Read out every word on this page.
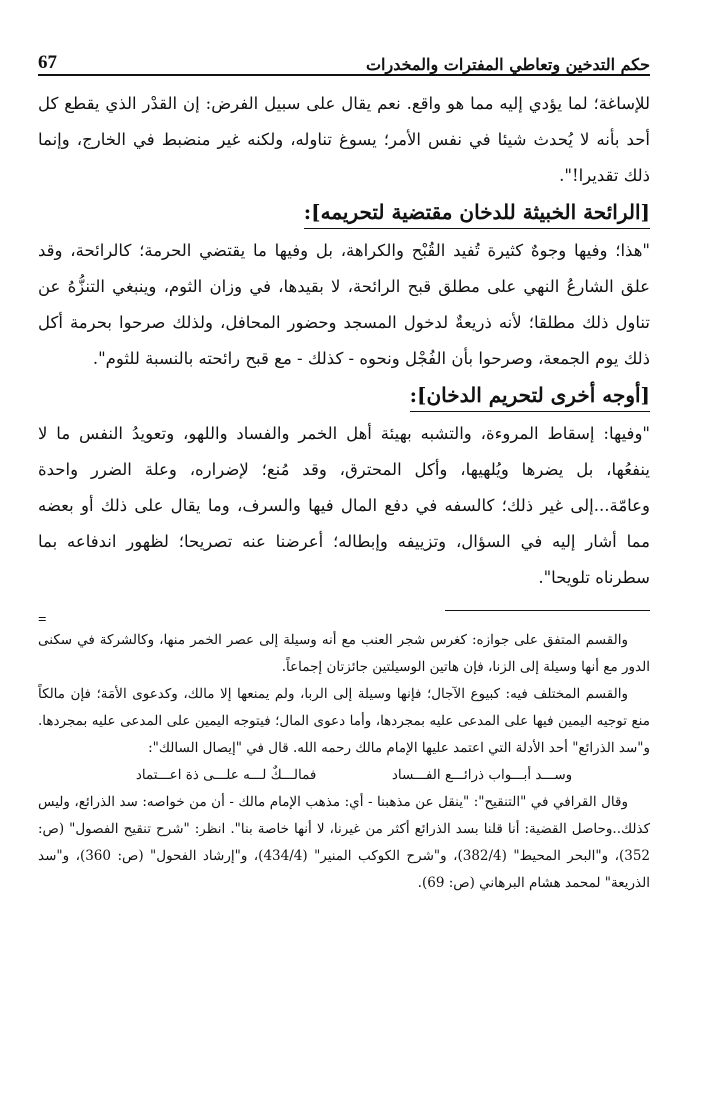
حكم التدخين وتعاطي المفترات والمخدرات
67

للإساغة؛ لما يؤدي إليه مما هو واقع. نعم يقال على سبيل الفرض: إن القدْر الذي يقطع كل أحد بأنه لا يُحدث شيئا في نفس الأمر؛ يسوغ تناوله، ولكنه غير منضبط في الخارج، وإنما ذلك تقديرا!".

[الرائحة الخبيثة للدخان مقتضية لتحريمه]:

"هذا؛ وفيها وجوهٌ كثيرة تُفيد القُبْح والكراهة، بل وفيها ما يقتضي الحرمة؛ كالرائحة، وقد علق الشارعُ النهي على مطلق قبح الرائحة، لا بقيدها، في وزان الثوم، وينبغي التنزُّهُ عن تناول ذلك مطلقا؛ لأنه ذريعةٌ لدخول المسجد وحضور المحافل، ولذلك صرحوا بحرمة أكل ذلك يوم الجمعة، وصرحوا بأن الفُجْل ونحوه - كذلك - مع قبح رائحته بالنسبة للثوم".

[أوجه أخرى لتحريم الدخان]:

"وفيها: إسقاط المروءة، والتشبه بهيئة أهل الخمر والفساد واللهو، وتعويدُ النفس ما لا ينفعُها، بل يضرها ويُلهيها، وأكل المحترق، وقد مُنع؛ لإضراره، وعلة الضرر واحدة وعامّة...إلى غير ذلك؛ كالسفه في دفع المال فيها والسرف، وما يقال على ذلك أو بعضه مما أشار إليه في السؤال، وتزييفه وإبطاله؛ أعرضنا عنه تصريحا؛ لظهور اندفاعه بما سطرناه تلويحا".

=

والقسم المتفق على جوازه: كغرس شجر العنب مع أنه وسيلة إلى عصر الخمر منها، وكالشركة في سكنى الدور مع أنها وسيلة إلى الزنا، فإن هاتين الوسيلتين جائزتان إجماعاً.

والقسم المختلف فيه: كبيوع الآجال؛ فإنها وسيلة إلى الربا، ولم يمنعها إلا مالك، وكدعوى الأمَة؛ فإن مالكاً منع توجيه اليمين فيها على المدعى عليه بمجردها، وأما دعوى المال؛ فيتوجه اليمين على المدعى عليه بمجردها. و"سد الذرائع" أحد الأدلة التي اعتمد عليها الإمام مالك رحمه الله. قال في "إيصال السالك":

وســـد أبـــواب ذرائـــع الفـــساد
فمالـــكٌ لـــه علـــى ذة اعـــتماد

وقال القرافي في "التنقيح": "ينقل عن مذهبنا - أي: مذهب الإمام مالك - أن من خواصه: سد الذرائع، وليس كذلك..وحاصل القضية: أنا قلنا بسد الذرائع أكثر من غيرنا، لا أنها خاصة بنا". انظر: "شرح تنقيح الفصول" (ص: 352)، و"البحر المحيط" (382/4)، و"شرح الكوكب المنير" (434/4)، و"إرشاد الفحول" (ص: 360)، و"سد الذريعة" لمحمد هشام البرهاني (ص: 69).
